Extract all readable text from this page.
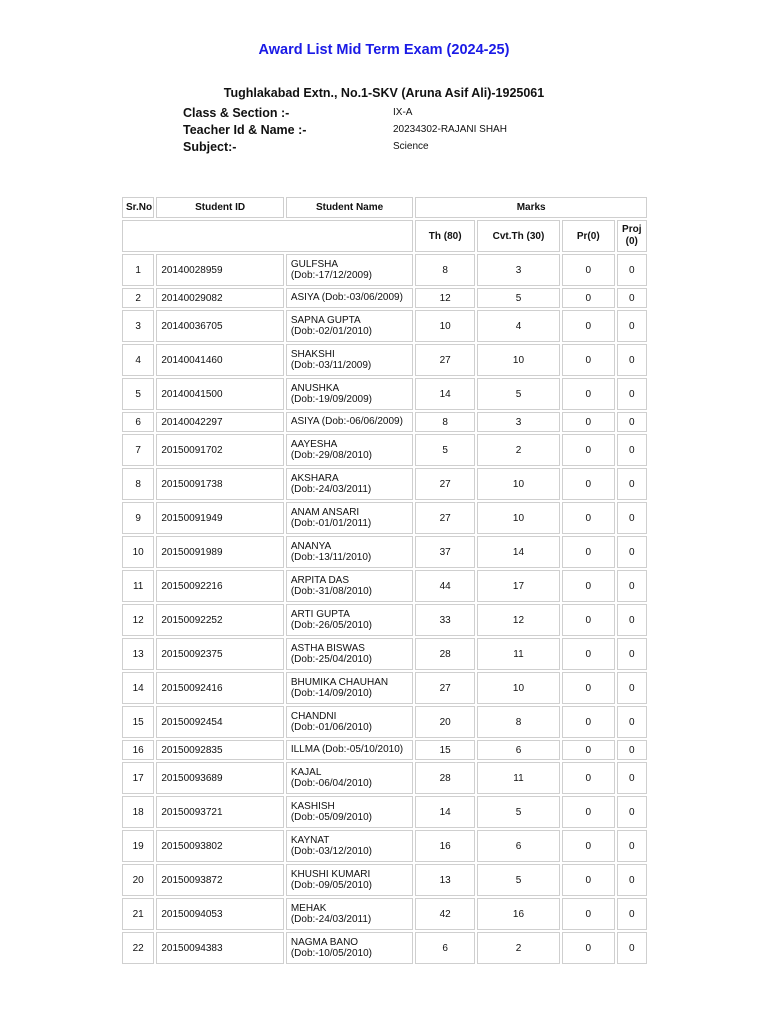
Award List Mid Term Exam (2024-25)
Tughlakabad Extn., No.1-SKV (Aruna Asif Ali)-1925061
Class & Section :-	IX-A
Teacher Id & Name :-	20234302-RAJANI SHAH
Subject:-	Science
Sr.No	Student ID	Student Name	Marks			
			Th (80)	Cvt.Th (30)	Pr(0)	Proj
(0)
1	20140028959	GULFSHA
(Dob:-17/12/2009)	8	3	0	0
2	20140029082	ASIYA (Dob:-03/06/2009)	12	5	0	0
3	20140036705	SAPNA GUPTA
(Dob:-02/01/2010)	10	4	0	0
4	20140041460	SHAKSHI
(Dob:-03/11/2009)	27	10	0	0
5	20140041500	ANUSHKA
(Dob:-19/09/2009)	14	5	0	0
6	20140042297	ASIYA (Dob:-06/06/2009)	8	3	0	0
7	20150091702	AAYESHA
(Dob:-29/08/2010)	5	2	0	0
8	20150091738	AKSHARA
(Dob:-24/03/2011)	27	10	0	0
9	20150091949	ANAM ANSARI
(Dob:-01/01/2011)	27	10	0	0
10	20150091989	ANANYA
(Dob:-13/11/2010)	37	14	0	0
11	20150092216	ARPITA DAS
(Dob:-31/08/2010)	44	17	0	0
12	20150092252	ARTI GUPTA
(Dob:-26/05/2010)	33	12	0	0
13	20150092375	ASTHA BISWAS
(Dob:-25/04/2010)	28	11	0	0
14	20150092416	BHUMIKA CHAUHAN
(Dob:-14/09/2010)	27	10	0	0
15	20150092454	CHANDNI
(Dob:-01/06/2010)	20	8	0	0
16	20150092835	ILLMA (Dob:-05/10/2010)	15	6	0	0
17	20150093689	KAJAL
(Dob:-06/04/2010)	28	11	0	0
18	20150093721	KASHISH
(Dob:-05/09/2010)	14	5	0	0
19	20150093802	KAYNAT
(Dob:-03/12/2010)	16	6	0	0
20	20150093872	KHUSHI KUMARI
(Dob:-09/05/2010)	13	5	0	0
21	20150094053	MEHAK
(Dob:-24/03/2011)	42	16	0	0
22	20150094383	NAGMA BANO
(Dob:-10/05/2010)	6	2	0	0
